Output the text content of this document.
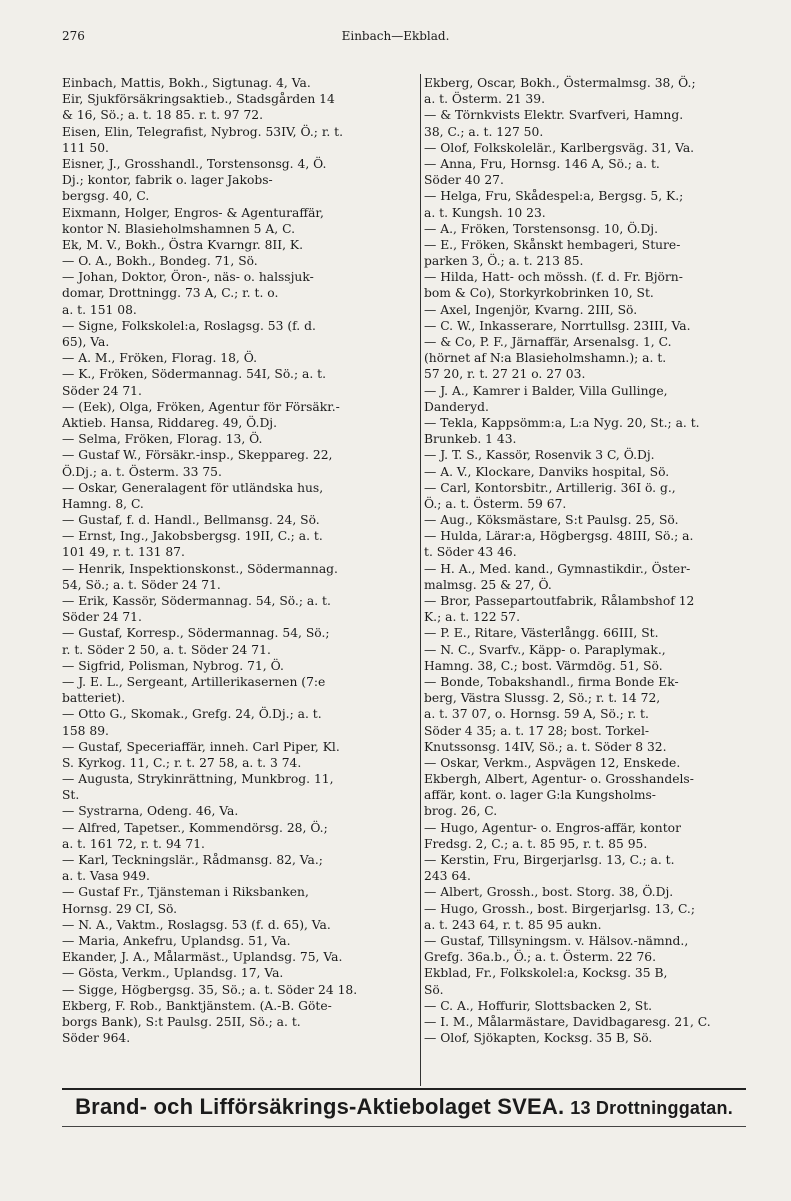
276	Einbach—Ekblad.
Einbach, Mattis, Bokh., Sigtunag. 4, Va.
Eir, Sjukförsäkringsaktieb., Stadsgården 14
& 16, Sö.; a. t. 18 85. r. t. 97 72.
Eisen, Elin, Telegrafist, Nybrog. 53IV, Ö.; r. t.
111 50.
Eisner, J., Grosshandl., Torstensonsg. 4, Ö.
Dj.; kontor, fabrik o. lager Jakobs-
bergsg. 40, C.
Eixmann, Holger, Engros- & Agenturaffär,
kontor N. Blasieholmshamnen 5 A, C.
Ek, M. V., Bokh., Östra Kvarngr. 8II, K.
— O. A., Bokh., Bondeg. 71, Sö.
— Johan, Doktor, Öron-, näs- o. halssjuk-
domar, Drottningg. 73 A, C.; r. t. o.
a. t. 151 08.
— Signe, Folkskolel:a, Roslagsg. 53 (f. d.
65), Va.
— A. M., Fröken, Florag. 18, Ö.
— K., Fröken, Södermannag. 54I, Sö.; a. t.
Söder 24 71.
— (Eek), Olga, Fröken, Agentur för Försäkr.-
Aktieb. Hansa, Riddareg. 49, Ö.Dj.
— Selma, Fröken, Florag. 13, Ö.
— Gustaf W., Försäkr.-insp., Skeppareg. 22,
Ö.Dj.; a. t. Österm. 33 75.
— Oskar, Generalagent för utländska hus,
Hamng. 8, C.
— Gustaf, f. d. Handl., Bellmansg. 24, Sö.
— Ernst, Ing., Jakobsbergsg. 19II, C.; a. t.
101 49, r. t. 131 87.
— Henrik, Inspektionskonst., Södermannag.
54, Sö.; a. t. Söder 24 71.
— Erik, Kassör, Södermannag. 54, Sö.; a. t.
Söder 24 71.
— Gustaf, Korresp., Södermannag. 54, Sö.;
r. t. Söder 2 50, a. t. Söder 24 71.
— Sigfrid, Polisman, Nybrog. 71, Ö.
— J. E. L., Sergeant, Artillerikasernen (7:e
batteriet).
— Otto G., Skomak., Grefg. 24, Ö.Dj.; a. t.
158 89.
— Gustaf, Speceriaffär, inneh. Carl Piper, Kl.
S. Kyrkog. 11, C.; r. t. 27 58, a. t. 3 74.
— Augusta, Strykinrättning, Munkbrog. 11,
St.
— Systrarna, Odeng. 46, Va.
— Alfred, Tapetser., Kommendörsg. 28, Ö.;
a. t. 161 72, r. t. 94 71.
— Karl, Teckningslär., Rådmansg. 82, Va.;
a. t. Vasa 949.
— Gustaf Fr., Tjänsteman i Riksbanken,
Hornsg. 29 CI, Sö.
— N. A., Vaktm., Roslagsg. 53 (f. d. 65), Va.
— Maria, Ankefru, Uplandsg. 51, Va.
Ekander, J. A., Målarmäst., Uplandsg. 75, Va.
— Gösta, Verkm., Uplandsg. 17, Va.
— Sigge, Högbergsg. 35, Sö.; a. t. Söder 24 18.
Ekberg, F. Rob., Banktjänstem. (A.-B. Göte-
borgs Bank), S:t Paulsg. 25II, Sö.; a. t.
Söder 964.
Ekberg, Oscar, Bokh., Östermalmsg. 38, Ö.;
a. t. Österm. 21 39.
— & Törnkvists Elektr. Svarfveri, Hamng.
38, C.; a. t. 127 50.
— Olof, Folkskolelär., Karlbergsväg. 31, Va.
— Anna, Fru, Hornsg. 146 A, Sö.; a. t.
Söder 40 27.
— Helga, Fru, Skådespel:a, Bergsg. 5, K.;
a. t. Kungsh. 10 23.
— A., Fröken, Torstensonsg. 10, Ö.Dj.
— E., Fröken, Skånskt hembageri, Sture-
parken 3, Ö.; a. t. 213 85.
— Hilda, Hatt- och mössh. (f. d. Fr. Björn-
bom & Co), Storkyrkobrinken 10, St.
— Axel, Ingenjör, Kvarng. 2III, Sö.
— C. W., Inkasserare, Norrtullsg. 23III, Va.
— & Co, P. F., Järnaffär, Arsenalsg. 1, C.
(hörnet af N:a Blasieholmshamn.); a. t.
57 20, r. t. 27 21 o. 27 03.
— J. A., Kamrer i Balder, Villa Gullinge,
Danderyd.
— Tekla, Kappsömm:a, L:a Nyg. 20, St.; a. t.
Brunkeb. 1 43.
— J. T. S., Kassör, Rosenvik 3 C, Ö.Dj.
— A. V., Klockare, Danviks hospital, Sö.
— Carl, Kontorsbitr., Artillerig. 36I ö. g.,
Ö.; a. t. Österm. 59 67.
— Aug., Köksmästare, S:t Paulsg. 25, Sö.
— Hulda, Lärar:a, Högbergsg. 48III, Sö.; a.
t. Söder 43 46.
— H. A., Med. kand., Gymnastikdir., Öster-
malmsg. 25 & 27, Ö.
— Bror, Passepartoutfabrik, Rålambshof 12
K.; a. t. 122 57.
— P. E., Ritare, Västerlångg. 66III, St.
— N. C., Svarfv., Käpp- o. Paraplymak.,
Hamng. 38, C.; bost. Värmdög. 51, Sö.
— Bonde, Tobakshandl., firma Bonde Ek-
berg, Västra Slussg. 2, Sö.; r. t. 14 72,
a. t. 37 07, o. Hornsg. 59 A, Sö.; r. t.
Söder 4 35; a. t. 17 28; bost. Torkel-
Knutssonsg. 14IV, Sö.; a. t. Söder 8 32.
— Oskar, Verkm., Aspvägen 12, Enskede.
Ekbergh, Albert, Agentur- o. Grosshandels-
affär, kont. o. lager G:la Kungsholms-
brog. 26, C.
— Hugo, Agentur- o. Engros-affär, kontor
Fredsg. 2, C.; a. t. 85 95, r. t. 85 95.
— Kerstin, Fru, Birgerjarlsg. 13, C.; a. t.
243 64.
— Albert, Grossh., bost. Storg. 38, Ö.Dj.
— Hugo, Grossh., bost. Birgerjarlsg. 13, C.;
a. t. 243 64, r. t. 85 95 aukn.
— Gustaf, Tillsyningsm. v. Hälsov.-nämnd.,
Grefg. 36a.b., Ö.; a. t. Österm. 22 76.
Ekblad, Fr., Folkskolel:a, Kocksg. 35 B,
Sö.
— C. A., Hoffurir, Slottsbacken 2, St.
— I. M., Målarmästare, Davidbagaresg. 21, C.
— Olof, Sjökapten, Kocksg. 35 B, Sö.
Brand- och Lifförsäkrings-Aktiebolaget SVEA. 13 Drottninggatan.
